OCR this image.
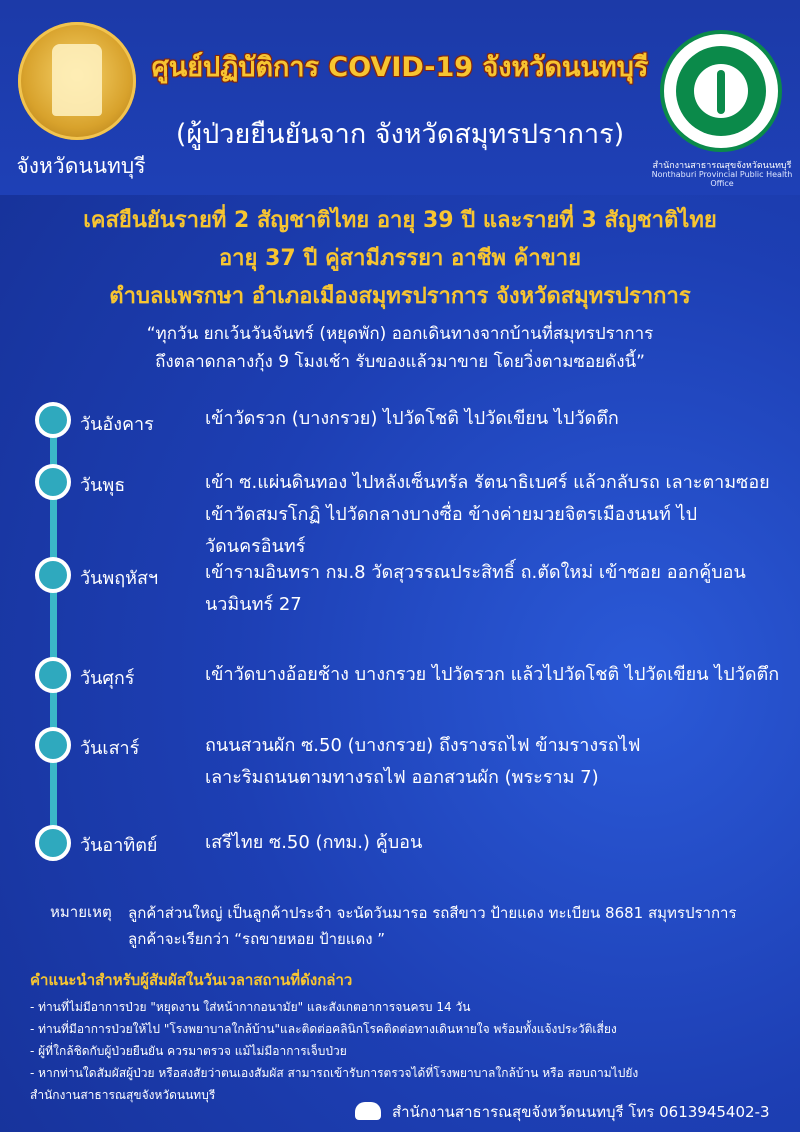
จังหวัดนนทบุรี
ศูนย์ปฏิบัติการ COVID-19 จังหวัดนนทบุรี
(ผู้ป่วยยืนยันจาก จังหวัดสมุทรปราการ)
สำนักงานสาธารณสุขจังหวัดนนทบุรี
Nonthaburi Provincial Public Health Office
เคสยืนยันรายที่ 2 สัญชาติไทย อายุ 39 ปี และรายที่ 3 สัญชาติไทย
อายุ 37 ปี คู่สามีภรรยา อาชีพ ค้าขาย
ตำบลแพรกษา อำเภอเมืองสมุทรปราการ จังหวัดสมุทรปราการ
“ทุกวัน ยกเว้นวันจันทร์ (หยุดพัก) ออกเดินทางจากบ้านที่สมุทรปราการ
ถึงตลาดกลางกุ้ง 9 โมงเช้า รับของแล้วมาขาย โดยวิ่งตามซอยดังนี้”
วันอังคาร	เข้าวัดรวก (บางกรวย) ไปวัดโชติ ไปวัดเขียน ไปวัดตึก
วันพุธ	เข้า ซ.แผ่นดินทอง ไปหลังเซ็นทรัล รัตนาธิเบศร์ แล้วกลับรถ เลาะตามซอย
เข้าวัดสมรโกฏิ ไปวัดกลางบางซื่อ ข้างค่ายมวยจิตรเมืองนนท์ ไปวัดนครอินทร์
วันพฤหัสฯ	เข้ารามอินทรา กม.8 วัดสุวรรณประสิทธิ์ ถ.ตัดใหม่ เข้าซอย ออกคู้บอน
นวมินทร์ 27
วันศุกร์	เข้าวัดบางอ้อยช้าง บางกรวย ไปวัดรวก แล้วไปวัดโชติ ไปวัดเขียน ไปวัดตึก
วันเสาร์	ถนนสวนผัก ซ.50 (บางกรวย) ถึงรางรถไฟ ข้ามรางรถไฟ
เลาะริมถนนตามทางรถไฟ ออกสวนผัก (พระราม 7)
วันอาทิตย์	เสรีไทย ซ.50 (กทม.) คู้บอน
หมายเหตุ ลูกค้าส่วนใหญ่ เป็นลูกค้าประจำ จะนัดวันมารอ รถสีขาว ป้ายแดง ทะเบียน 8681 สมุทรปราการ
ลูกค้าจะเรียกว่า “รถขายหอย ป้ายแดง ”
คำแนะนำสำหรับผู้สัมผัสในวันเวลาสถานที่ดังกล่าว
- ท่านที่ไม่มีอาการป่วย "หยุดงาน ใส่หน้ากากอนามัย" และสังเกตอาการจนครบ 14 วัน
- ท่านที่มีอาการป่วยให้ไป "โรงพยาบาลใกล้บ้าน"และติดต่อคลินิกโรคติดต่อทางเดินหายใจ พร้อมทั้งแจ้งประวัติเสี่ยง
- ผู้ที่ใกล้ชิดกับผู้ป่วยยืนยัน ควรมาตรวจ แม้ไม่มีอาการเจ็บป่วย
- หากท่านใดสัมผัสผู้ป่วย หรือสงสัยว่าตนเองสัมผัส สามารถเข้ารับการตรวจได้ที่โรงพยาบาลใกล้บ้าน หรือ สอบถามไปยัง
สำนักงานสาธารณสุขจังหวัดนนทบุรี
สำนักงานสาธารณสุขจังหวัดนนทบุรี โทร 0613945402-3
